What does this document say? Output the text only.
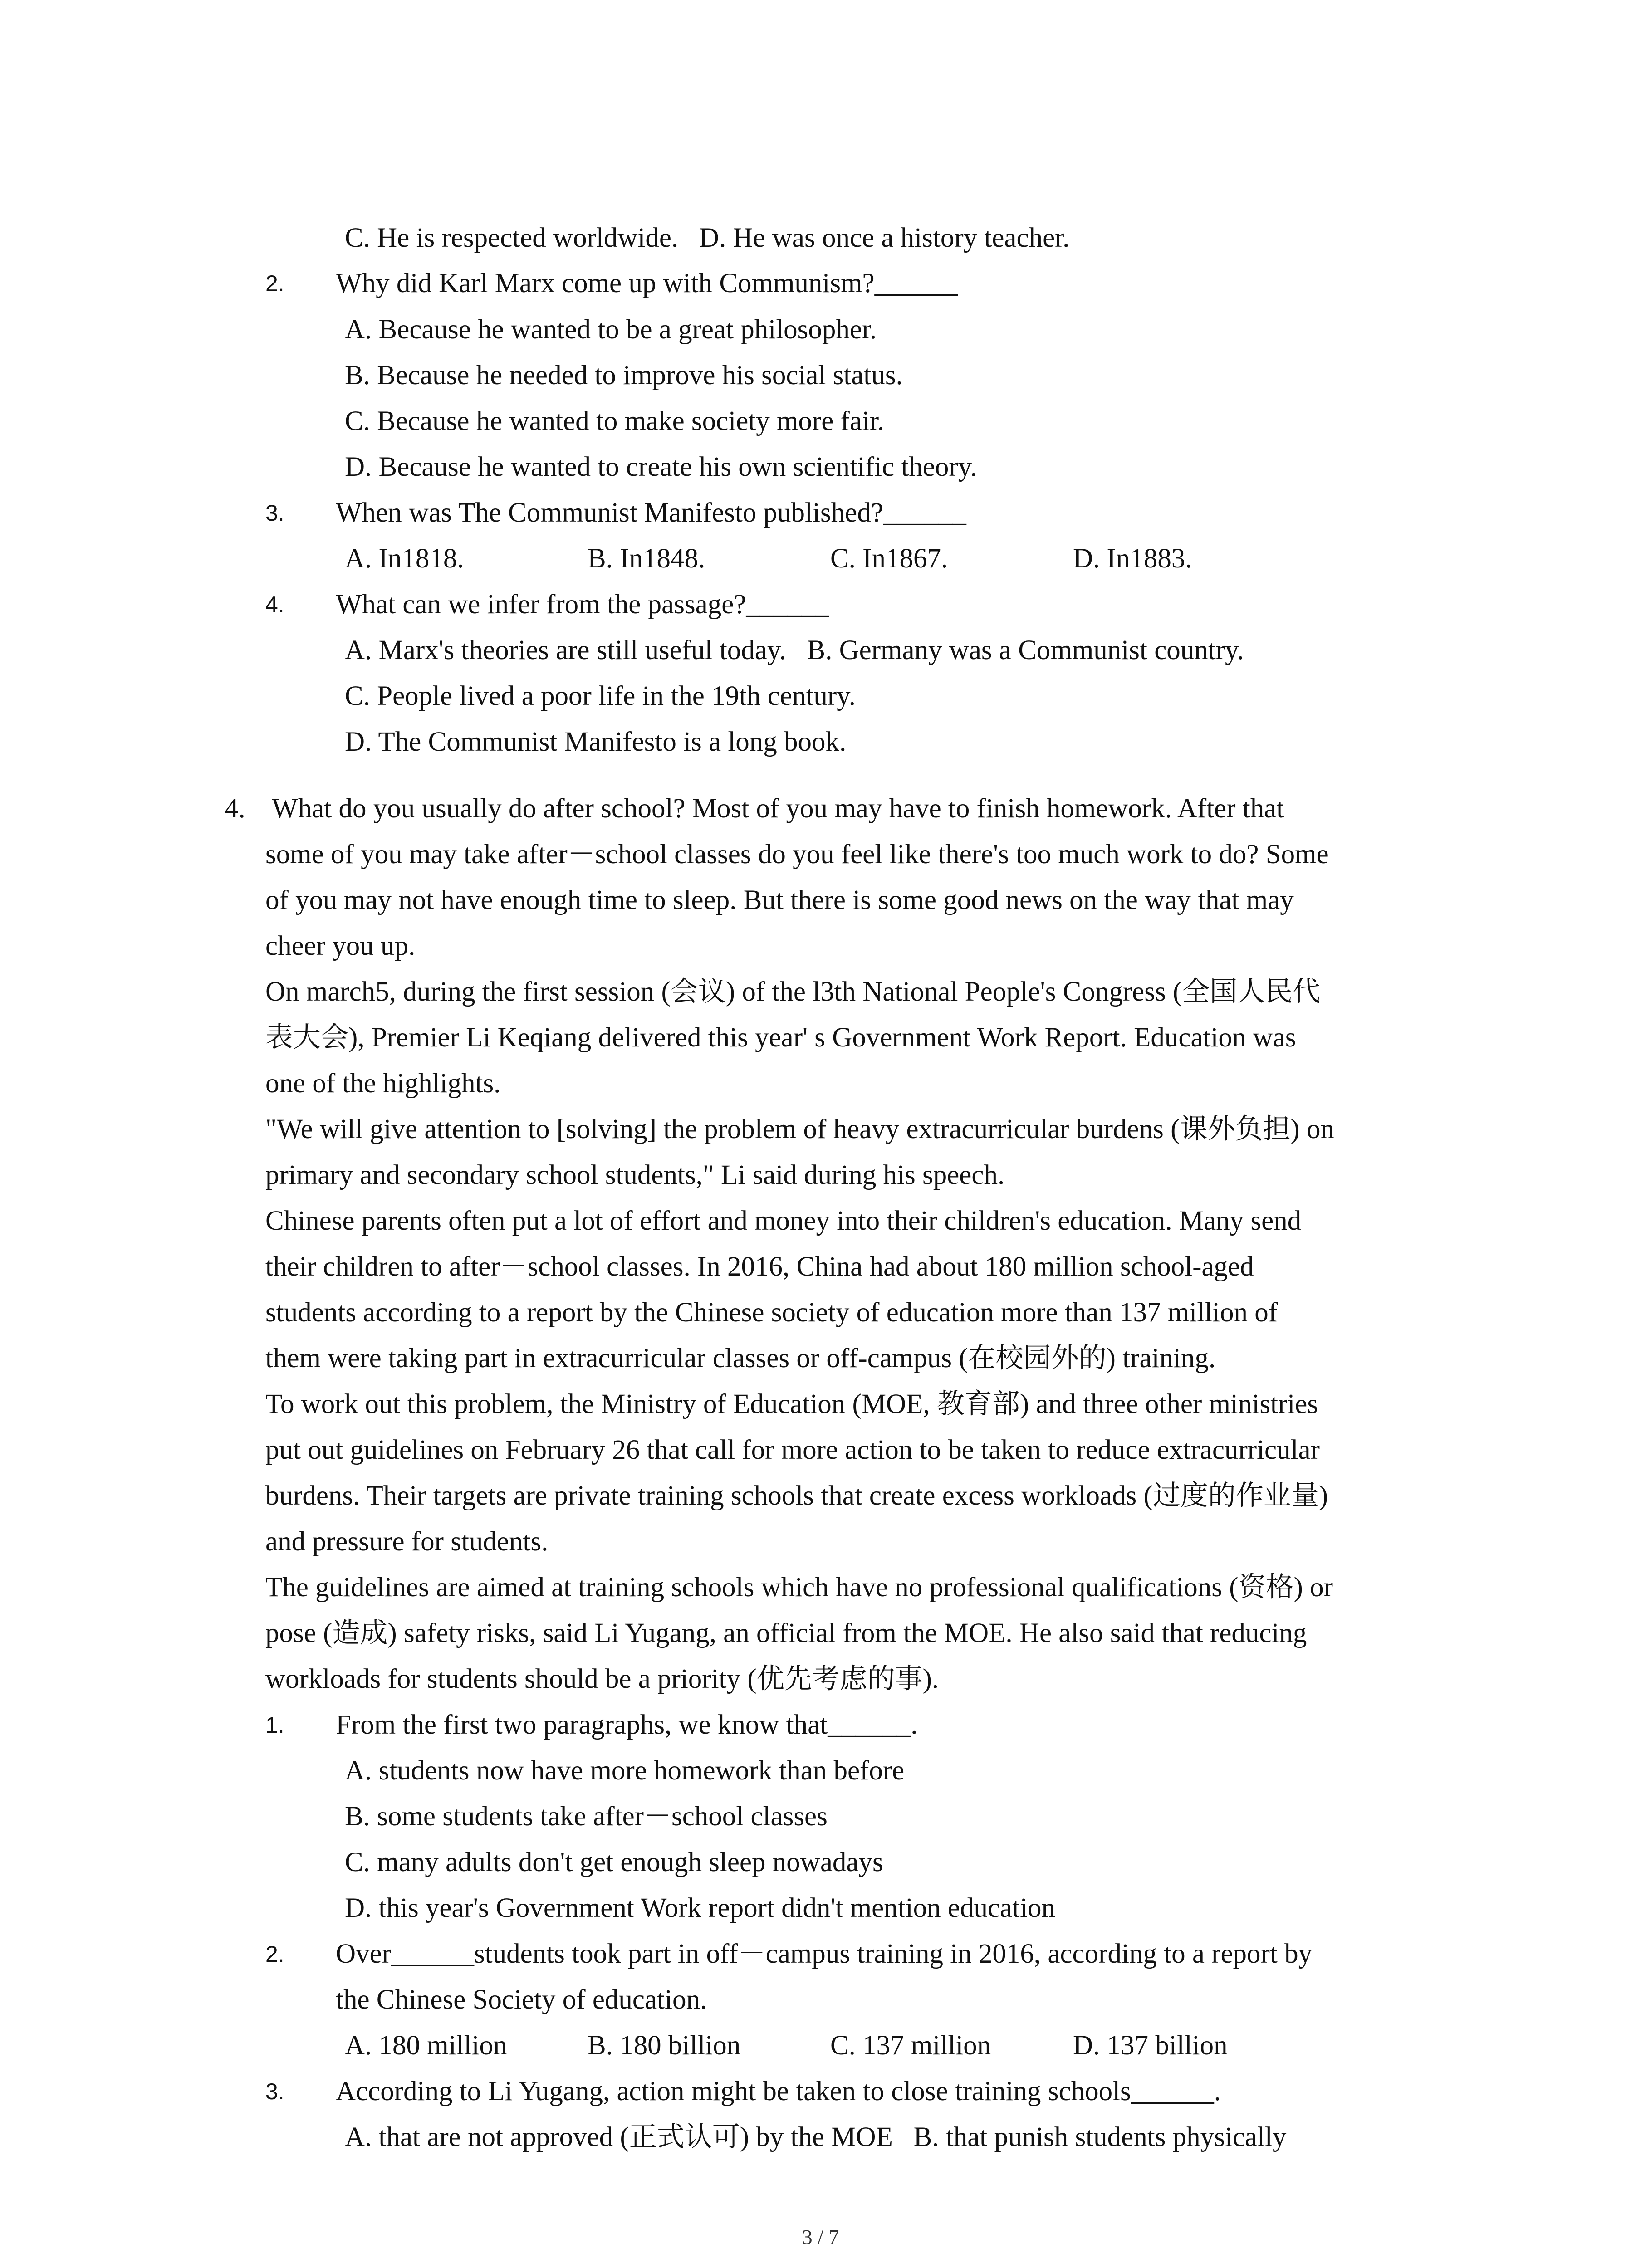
C. He is respected worldwide.   D. He was once a history teacher.
2. Why did Karl Marx come up with Communism?______
A. Because he wanted to be a great philosopher.
B. Because he needed to improve his social status.
C. Because he wanted to make society more fair.
D. Because he wanted to create his own scientific theory.
3. When was The Communist Manifesto published?______
A. In1818.	B. In1848.	C. In1867.	D. In1883.
4. What can we infer from the passage?______
A. Marx's theories are still useful today.   B. Germany was a Communist country.
C. People lived a poor life in the 19th century.
D. The Communist Manifesto is a long book.
4. What do you usually do after school? Most of you may have to finish homework. After that
some of you may take after－school classes do you feel like there's too much work to do? Some
of you may not have enough time to sleep. But there is some good news on the way that may
cheer you up.
On march5, during the first session (会议) of the l3th National People's Congress (全国人民代
表大会), Premier Li Keqiang delivered this year' s Government Work Report. Education was
one of the highlights.
"We will give attention to [solving] the problem of heavy extracurricular burdens (课外负担) on
primary and secondary school students," Li said during his speech.
Chinese parents often put a lot of effort and money into their children's education. Many send
their children to after－school classes. In 2016, China had about 180 million school-aged
students according to a report by the Chinese society of education more than 137 million of
them were taking part in extracurricular classes or off-campus (在校园外的) training.
To work out this problem, the Ministry of Education (MOE, 教育部) and three other ministries
put out guidelines on February 26 that call for more action to be taken to reduce extracurricular
burdens. Their targets are private training schools that create excess workloads (过度的作业量)
and pressure for students.
The guidelines are aimed at training schools which have no professional qualifications (资格) or
pose (造成) safety risks, said Li Yugang, an official from the MOE. He also said that reducing
workloads for students should be a priority (优先考虑的事).
1. From the first two paragraphs, we know that______.
A. students now have more homework than before
B. some students take after－school classes
C. many adults don't get enough sleep nowadays
D. this year's Government Work report didn't mention education
2. Over______students took part in off－campus training in 2016, according to a report by
the Chinese Society of education.
A. 180 million	B. 180 billion	C. 137 million	D. 137 billion
3. According to Li Yugang, action might be taken to close training schools______.
A. that are not approved (正式认可) by the MOE   B. that punish students physically
3 / 7
